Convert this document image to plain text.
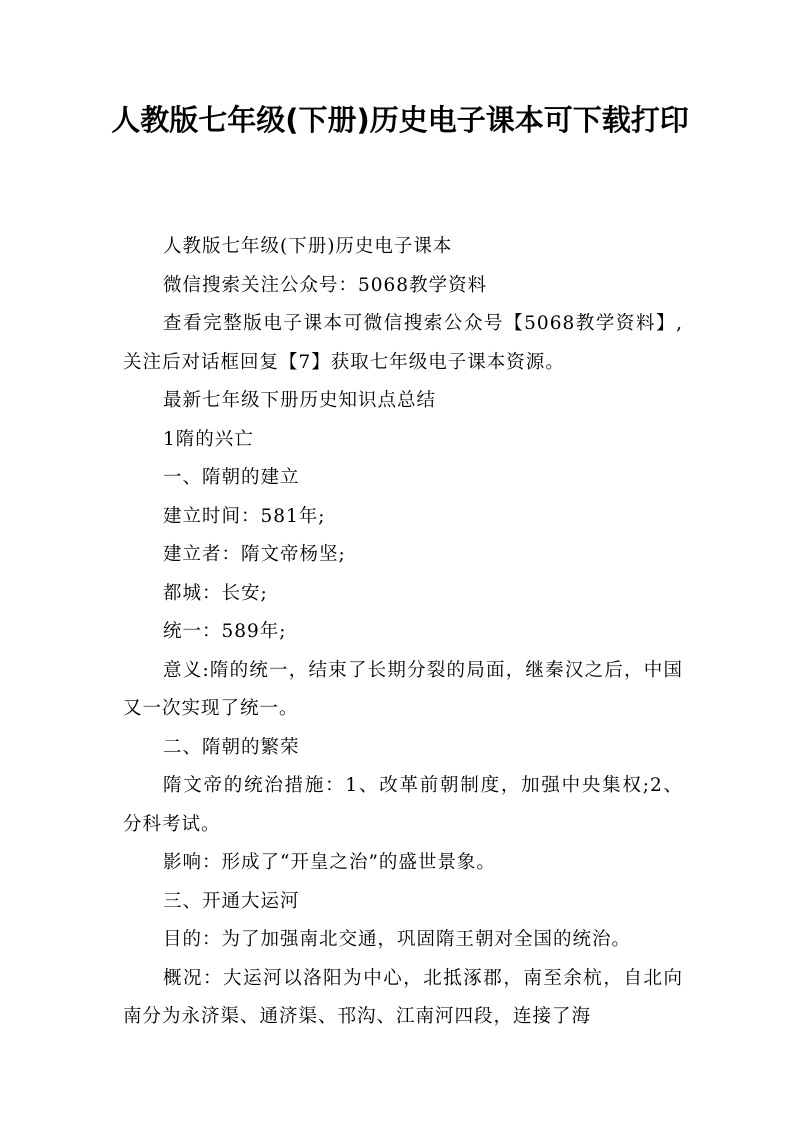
人教版七年级(下册)历史电子课本可下载打印

人教版七年级(下册)历史电子课本

微信搜索关注公众号：5068教学资料

查看完整版电子课本可微信搜索公众号【5068教学资料】,关注后对话框回复【7】获取七年级电子课本资源。

最新七年级下册历史知识点总结

1隋的兴亡

一、隋朝的建立

建立时间：581年;

建立者：隋文帝杨坚;

都城：长安;

统一：589年;

意义:隋的统一，结束了长期分裂的局面，继秦汉之后，中国又一次实现了统一。

二、隋朝的繁荣

隋文帝的统治措施：1、改革前朝制度，加强中央集权;2、分科考试。

影响：形成了“开皇之治”的盛世景象。

三、开通大运河

目的：为了加强南北交通，巩固隋王朝对全国的统治。

概况：大运河以洛阳为中心，北抵涿郡，南至余杭，自北向南分为永济渠、通济渠、邗沟、江南河四段，连接了海
